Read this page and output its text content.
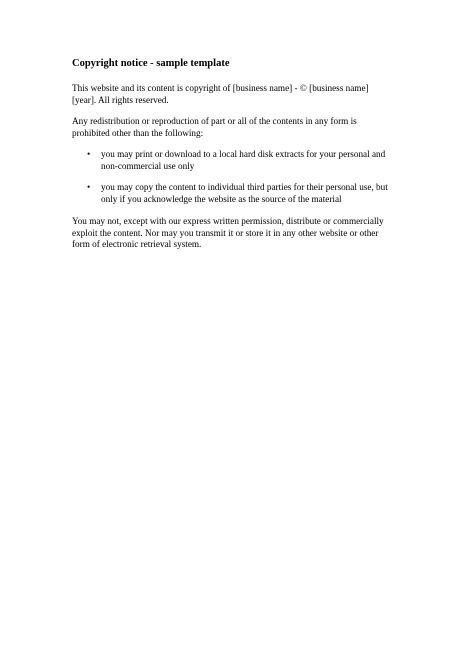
Copyright notice - sample template
This website and its content is copyright of [business name] - © [business name]
[year]. All rights reserved.
Any redistribution or reproduction of part or all of the contents in any form is
prohibited other than the following:
• you may print or download to a local hard disk extracts for your personal and
non-commercial use only
• you may copy the content to individual third parties for their personal use, but
only if you acknowledge the website as the source of the material
You may not, except with our express written permission, distribute or commercially
exploit the content. Nor may you transmit it or store it in any other website or other
form of electronic retrieval system.
